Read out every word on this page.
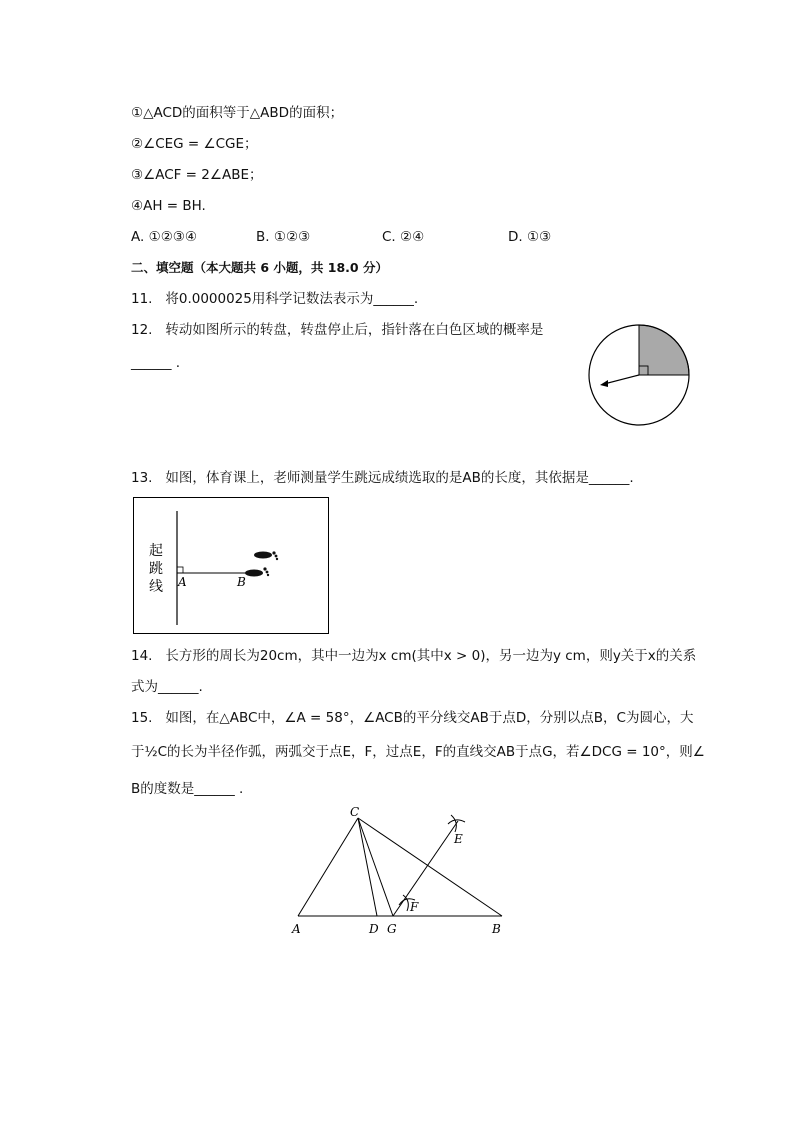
①△ACD的面积等于△ABD的面积；
②∠CEG = ∠CGE；
③∠ACF = 2∠ABE；
④AH = BH.
A. ①②③④	B. ①②③	C. ②④	D. ①③
二、填空题（本大题共 6 小题，共 18.0 分）
11. 将0.0000025用科学记数法表示为______.
12. 转动如图所示的转盘，转盘停止后，指针落在白色区域的概率是
______ .
13. 如图，体育课上，老师测量学生跳远成绩选取的是AB的长度，其依据是______.
起
跳
线 A	B
14. 长方形的周长为20cm，其中一边为x cm(其中x > 0)，另一边为y cm，则y关于x的关系
式为______.
15. 如图，在△ABC中，∠A = 58°，∠ACB的平分线交AB于点D，分别以点B，C为圆心，大
于½C的长为半径作弧，两弧交于点E，F，过点E，F的直线交AB于点G，若∠DCG = 10°，则∠
B的度数是______ .
C
E
F
A	D G	B
